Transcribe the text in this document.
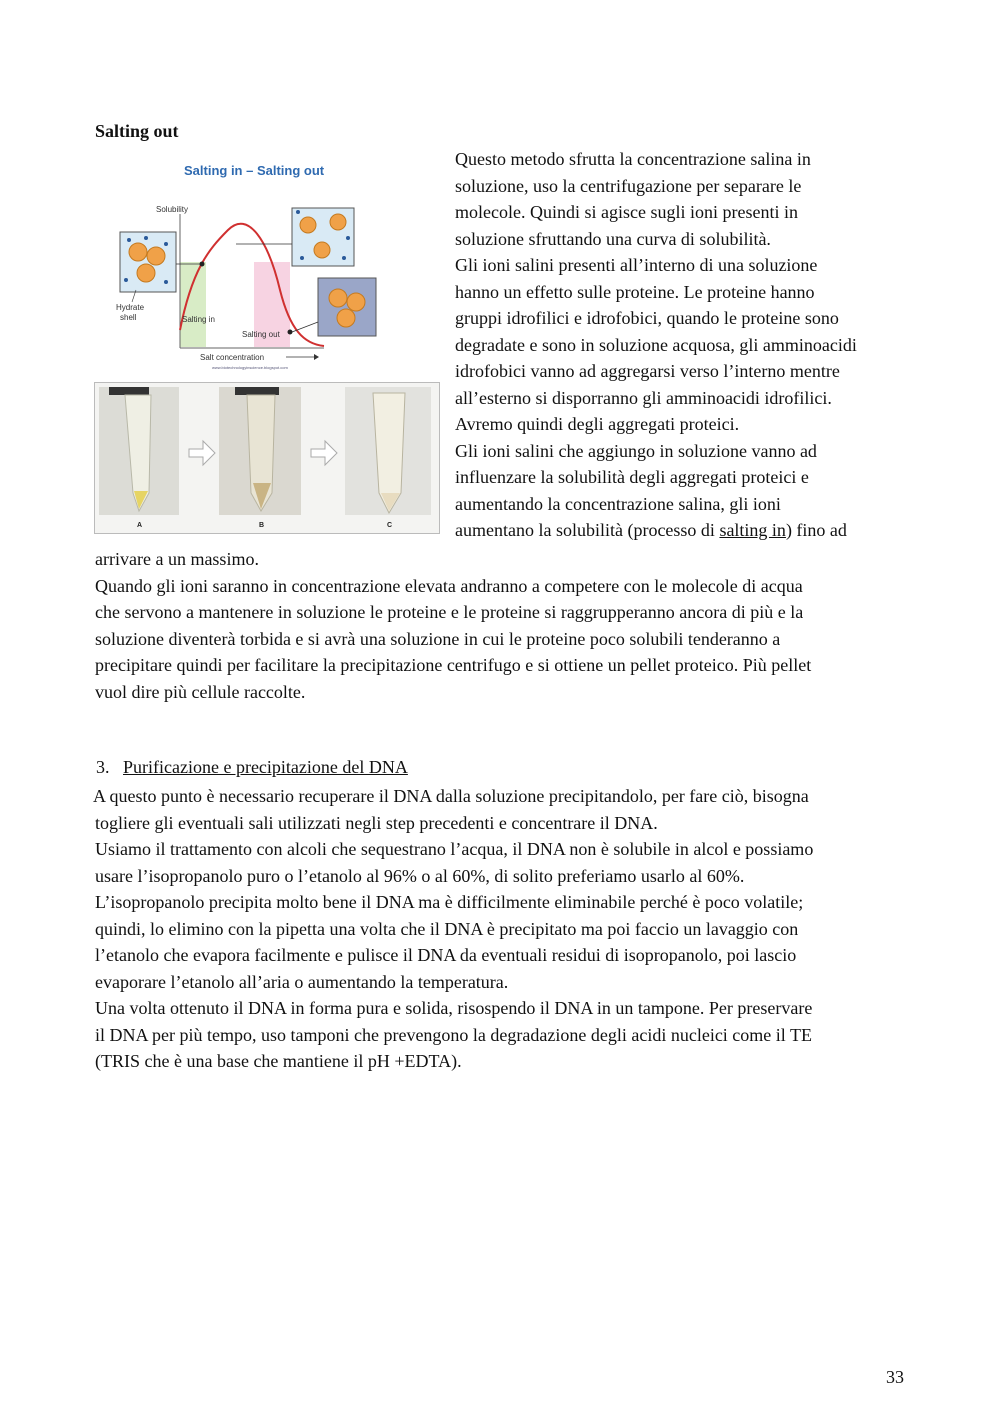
Salting out
Salting in – Salting out
Solubility
Hydrate
shell	Salting in
Salting out
Salt concentration
www.biotechnologyinscience.blogspot.com
A	B	C
Questo metodo sfrutta la concentrazione salina in
soluzione, uso la centrifugazione per separare le
molecole. Quindi si agisce sugli ioni presenti in
soluzione sfruttando una curva di solubilità.
Gli ioni salini presenti all’interno di una soluzione
hanno un effetto sulle proteine. Le proteine hanno
gruppi idrofilici e idrofobici, quando le proteine sono
degradate e sono in soluzione acquosa, gli amminoacidi
idrofobici vanno ad aggregarsi verso l’interno mentre
all’esterno si disporranno gli amminoacidi idrofilici.
Avremo quindi degli aggregati proteici.
Gli ioni salini che aggiungo in soluzione vanno ad
influenzare la solubilità degli aggregati proteici e
aumentando la concentrazione salina, gli ioni
aumentano la solubilità (processo di salting in) fino ad
arrivare a un massimo.
Quando gli ioni saranno in concentrazione elevata andranno a competere con le molecole di acqua
che servono a mantenere in soluzione le proteine e le proteine si raggrupperanno ancora di più e la
soluzione diventerà torbida e si avrà una soluzione in cui le proteine poco solubili tenderanno a
precipitare quindi per facilitare la precipitazione centrifugo e si ottiene un pellet proteico. Più pellet
vuol dire più cellule raccolte.
3. Purificazione e precipitazione del DNA
A questo punto è necessario recuperare il DNA dalla soluzione precipitandolo, per fare ciò, bisogna
togliere gli eventuali sali utilizzati negli step precedenti e concentrare il DNA.
Usiamo il trattamento con alcoli che sequestrano l’acqua, il DNA non è solubile in alcol e possiamo
usare l’isopropanolo puro o l’etanolo al 96% o al 60%, di solito preferiamo usarlo al 60%.
L’isopropanolo precipita molto bene il DNA ma è difficilmente eliminabile perché è poco volatile;
quindi, lo elimino con la pipetta una volta che il DNA è precipitato ma poi faccio un lavaggio con
l’etanolo che evapora facilmente e pulisce il DNA da eventuali residui di isopropanolo, poi lascio
evaporare l’etanolo all’aria o aumentando la temperatura.
Una volta ottenuto il DNA in forma pura e solida, risospendo il DNA in un tampone. Per preservare
il DNA per più tempo, uso tamponi che prevengono la degradazione degli acidi nucleici come il TE
(TRIS che è una base che mantiene il pH +EDTA).
33
